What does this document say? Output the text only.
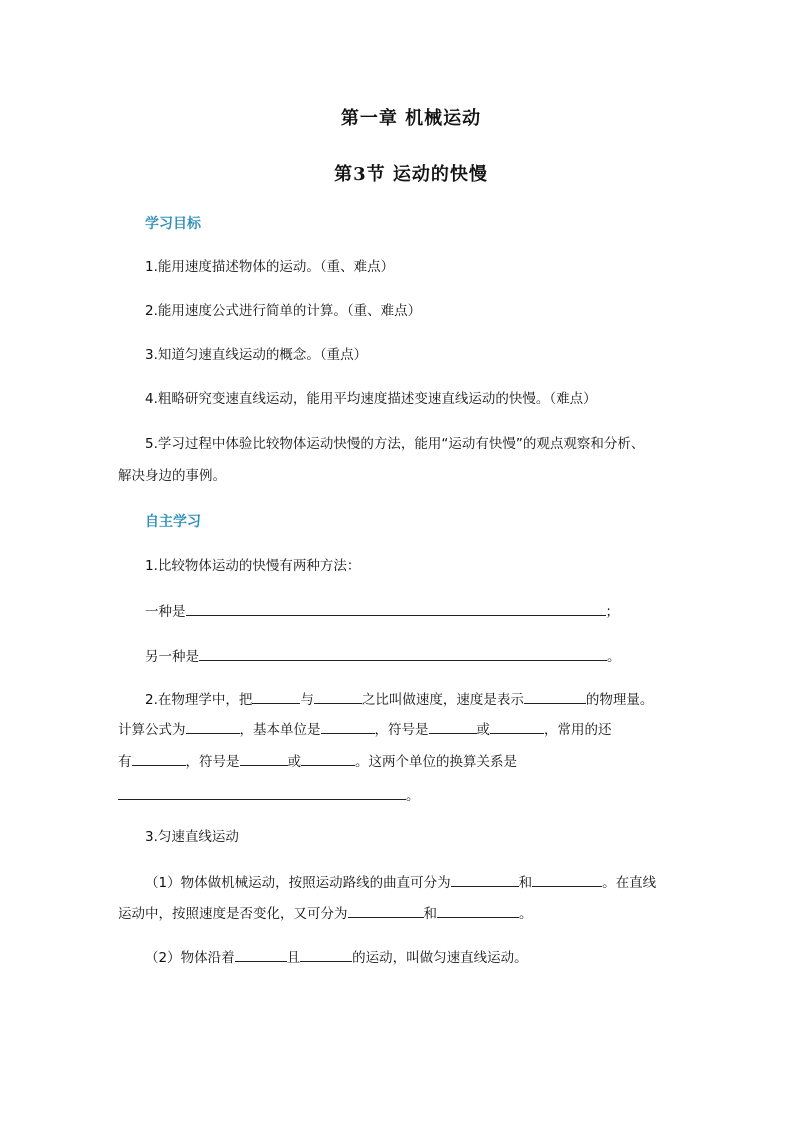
第一章 机械运动
第3节 运动的快慢
学习目标
1.能用速度描述物体的运动。（重、难点）
2.能用速度公式进行简单的计算。（重、难点）
3.知道匀速直线运动的概念。（重点）
4.粗略研究变速直线运动，能用平均速度描述变速直线运动的快慢。（难点）
5.学习过程中体验比较物体运动快慢的方法，能用“运动有快慢”的观点观察和分析、
解决身边的事例。
自主学习
1.比较物体运动的快慢有两种方法：
一种是	；
另一种是	。
2.在物理学中，把	与	之比叫做速度，速度是表示	的物理量。
计算公式为	，基本单位是	，符号是	或	，常用的还
有	，符号是	或	。这两个单位的换算关系是
。
3.匀速直线运动
（1）物体做机械运动，按照运动路线的曲直可分为	和	。在直线
运动中，按照速度是否变化，又可分为	和	。
（2）物体沿着	且	的运动，叫做匀速直线运动。
